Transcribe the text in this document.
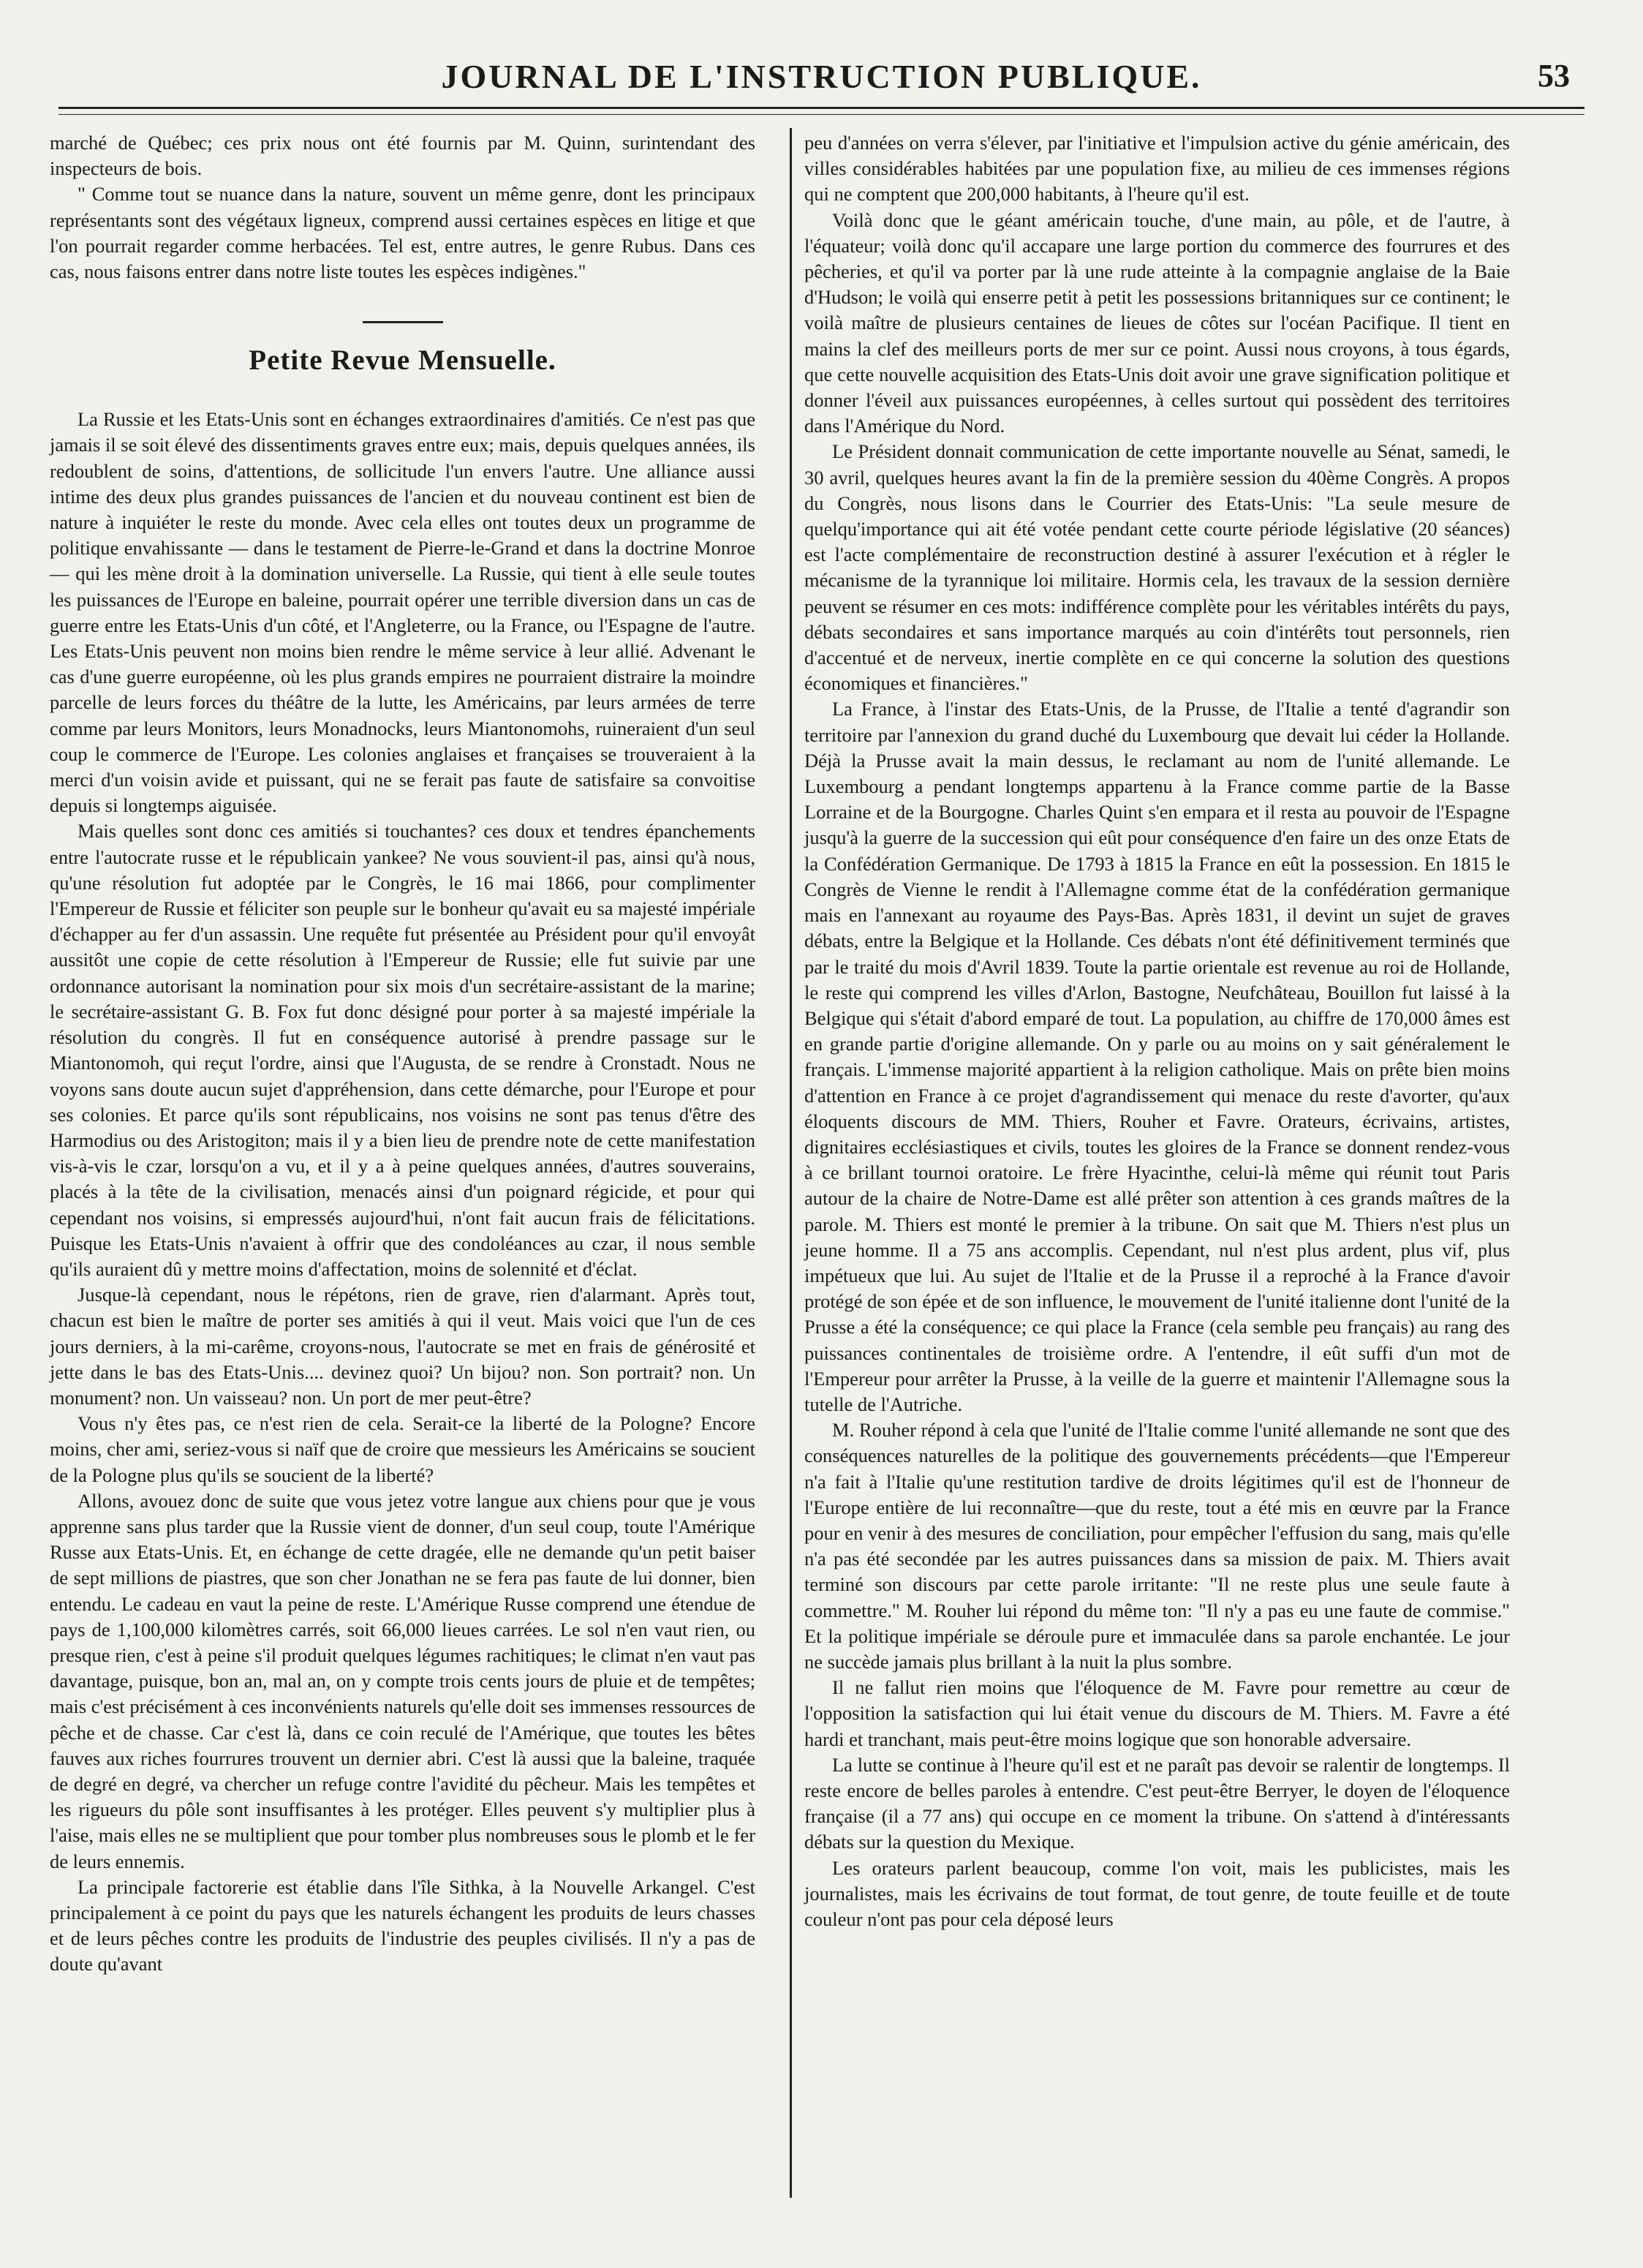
JOURNAL DE L'INSTRUCTION PUBLIQUE.	53

marché de Québec; ces prix nous ont été fournis par M. Quinn, surintendant des inspecteurs de bois.

" Comme tout se nuance dans la nature, souvent un même genre, dont les principaux représentants sont des végétaux ligneux, comprend aussi certaines espèces en litige et que l'on pourrait regarder comme herbacées. Tel est, entre autres, le genre Rubus. Dans ces cas, nous faisons entrer dans notre liste toutes les espèces indigènes."

Petite Revue Mensuelle.

La Russie et les Etats-Unis sont en échanges extraordinaires d'amitiés. Ce n'est pas que jamais il se soit élevé des dissentiments graves entre eux; mais, depuis quelques années, ils redoublent de soins, d'attentions, de sollicitude l'un envers l'autre. Une alliance aussi intime des deux plus grandes puissances de l'ancien et du nouveau continent est bien de nature à inquiéter le reste du monde. Avec cela elles ont toutes deux un programme de politique envahissante — dans le testament de Pierre-le-Grand et dans la doctrine Monroe — qui les mène droit à la domination universelle. La Russie, qui tient à elle seule toutes les puissances de l'Europe en baleine, pourrait opérer une terrible diversion dans un cas de guerre entre les Etats-Unis d'un côté, et l'Angleterre, ou la France, ou l'Espagne de l'autre. Les Etats-Unis peuvent non moins bien rendre le même service à leur allié. Advenant le cas d'une guerre européenne, où les plus grands empires ne pourraient distraire la moindre parcelle de leurs forces du théâtre de la lutte, les Américains, par leurs armées de terre comme par leurs Monitors, leurs Monadnocks, leurs Miantonomohs, ruineraient d'un seul coup le commerce de l'Europe. Les colonies anglaises et françaises se trouveraient à la merci d'un voisin avide et puissant, qui ne se ferait pas faute de satisfaire sa convoitise depuis si longtemps aiguisée.

Mais quelles sont donc ces amitiés si touchantes? ces doux et tendres épanchements entre l'autocrate russe et le républicain yankee? Ne vous souvient-il pas, ainsi qu'à nous, qu'une résolution fut adoptée par le Congrès, le 16 mai 1866, pour complimenter l'Empereur de Russie et féliciter son peuple sur le bonheur qu'avait eu sa majesté impériale d'échapper au fer d'un assassin. Une requête fut présentée au Président pour qu'il envoyât aussitôt une copie de cette résolution à l'Empereur de Russie; elle fut suivie par une ordonnance autorisant la nomination pour six mois d'un secrétaire-assistant de la marine; le secrétaire-assistant G. B. Fox fut donc désigné pour porter à sa majesté impériale la résolution du congrès. Il fut en conséquence autorisé à prendre passage sur le Miantonomoh, qui reçut l'ordre, ainsi que l'Augusta, de se rendre à Cronstadt. Nous ne voyons sans doute aucun sujet d'appréhension, dans cette démarche, pour l'Europe et pour ses colonies. Et parce qu'ils sont républicains, nos voisins ne sont pas tenus d'être des Harmodius ou des Aristogiton; mais il y a bien lieu de prendre note de cette manifestation vis-à-vis le czar, lorsqu'on a vu, et il y a à peine quelques années, d'autres souverains, placés à la tête de la civilisation, menacés ainsi d'un poignard régicide, et pour qui cependant nos voisins, si empressés aujourd'hui, n'ont fait aucun frais de félicitations. Puisque les Etats-Unis n'avaient à offrir que des condoléances au czar, il nous semble qu'ils auraient dû y mettre moins d'affectation, moins de solennité et d'éclat.

Jusque-là cependant, nous le répétons, rien de grave, rien d'alarmant. Après tout, chacun est bien le maître de porter ses amitiés à qui il veut. Mais voici que l'un de ces jours derniers, à la mi-carême, croyons-nous, l'autocrate se met en frais de générosité et jette dans le bas des Etats-Unis.... devinez quoi? Un bijou? non. Son portrait? non. Un monument? non. Un vaisseau? non. Un port de mer peut-être?

Vous n'y êtes pas, ce n'est rien de cela. Serait-ce la liberté de la Pologne? Encore moins, cher ami, seriez-vous si naïf que de croire que messieurs les Américains se soucient de la Pologne plus qu'ils se soucient de la liberté?

Allons, avouez donc de suite que vous jetez votre langue aux chiens pour que je vous apprenne sans plus tarder que la Russie vient de donner, d'un seul coup, toute l'Amérique Russe aux Etats-Unis. Et, en échange de cette dragée, elle ne demande qu'un petit baiser de sept millions de piastres, que son cher Jonathan ne se fera pas faute de lui donner, bien entendu. Le cadeau en vaut la peine de reste. L'Amérique Russe comprend une étendue de pays de 1,100,000 kilomètres carrés, soit 66,000 lieues carrées. Le sol n'en vaut rien, ou presque rien, c'est à peine s'il produit quelques légumes rachitiques; le climat n'en vaut pas davantage, puisque, bon an, mal an, on y compte trois cents jours de pluie et de tempêtes; mais c'est précisément à ces inconvénients naturels qu'elle doit ses immenses ressources de pêche et de chasse. Car c'est là, dans ce coin reculé de l'Amérique, que toutes les bêtes fauves aux riches fourrures trouvent un dernier abri. C'est là aussi que la baleine, traquée de degré en degré, va chercher un refuge contre l'avidité du pêcheur. Mais les tempêtes et les rigueurs du pôle sont insuffisantes à les protéger. Elles peuvent s'y multiplier plus à l'aise, mais elles ne se multiplient que pour tomber plus nombreuses sous le plomb et le fer de leurs ennemis.

La principale factorerie est établie dans l'île Sithka, à la Nouvelle Arkangel. C'est principalement à ce point du pays que les naturels échangent les produits de leurs chasses et de leurs pêches contre les produits de l'industrie des peuples civilisés. Il n'y a pas de doute qu'avant

peu d'années on verra s'élever, par l'initiative et l'impulsion active du génie américain, des villes considérables habitées par une population fixe, au milieu de ces immenses régions qui ne comptent que 200,000 habitants, à l'heure qu'il est.

Voilà donc que le géant américain touche, d'une main, au pôle, et de l'autre, à l'équateur; voilà donc qu'il accapare une large portion du commerce des fourrures et des pêcheries, et qu'il va porter par là une rude atteinte à la compagnie anglaise de la Baie d'Hudson; le voilà qui enserre petit à petit les possessions britanniques sur ce continent; le voilà maître de plusieurs centaines de lieues de côtes sur l'océan Pacifique. Il tient en mains la clef des meilleurs ports de mer sur ce point. Aussi nous croyons, à tous égards, que cette nouvelle acquisition des Etats-Unis doit avoir une grave signification politique et donner l'éveil aux puissances européennes, à celles surtout qui possèdent des territoires dans l'Amérique du Nord.

Le Président donnait communication de cette importante nouvelle au Sénat, samedi, le 30 avril, quelques heures avant la fin de la première session du 40ème Congrès. A propos du Congrès, nous lisons dans le Courrier des Etats-Unis: "La seule mesure de quelqu'importance qui ait été votée pendant cette courte période législative (20 séances) est l'acte complémentaire de reconstruction destiné à assurer l'exécution et à régler le mécanisme de la tyrannique loi militaire. Hormis cela, les travaux de la session dernière peuvent se résumer en ces mots: indifférence complète pour les véritables intérêts du pays, débats secondaires et sans importance marqués au coin d'intérêts tout personnels, rien d'accentué et de nerveux, inertie complète en ce qui concerne la solution des questions économiques et financières."

La France, à l'instar des Etats-Unis, de la Prusse, de l'Italie a tenté d'agrandir son territoire par l'annexion du grand duché du Luxembourg que devait lui céder la Hollande. Déjà la Prusse avait la main dessus, le reclamant au nom de l'unité allemande. Le Luxembourg a pendant longtemps appartenu à la France comme partie de la Basse Lorraine et de la Bourgogne. Charles Quint s'en empara et il resta au pouvoir de l'Espagne jusqu'à la guerre de la succession qui eût pour conséquence d'en faire un des onze Etats de la Confédération Germanique. De 1793 à 1815 la France en eût la possession. En 1815 le Congrès de Vienne le rendit à l'Allemagne comme état de la confédération germanique mais en l'annexant au royaume des Pays-Bas. Après 1831, il devint un sujet de graves débats, entre la Belgique et la Hollande. Ces débats n'ont été définitivement terminés que par le traité du mois d'Avril 1839. Toute la partie orientale est revenue au roi de Hollande, le reste qui comprend les villes d'Arlon, Bastogne, Neufchâteau, Bouillon fut laissé à la Belgique qui s'était d'abord emparé de tout. La population, au chiffre de 170,000 âmes est en grande partie d'origine allemande. On y parle ou au moins on y sait généralement le français. L'immense majorité appartient à la religion catholique. Mais on prête bien moins d'attention en France à ce projet d'agrandissement qui menace du reste d'avorter, qu'aux éloquents discours de MM. Thiers, Rouher et Favre. Orateurs, écrivains, artistes, dignitaires ecclésiastiques et civils, toutes les gloires de la France se donnent rendez-vous à ce brillant tournoi oratoire. Le frère Hyacinthe, celui-là même qui réunit tout Paris autour de la chaire de Notre-Dame est allé prêter son attention à ces grands maîtres de la parole. M. Thiers est monté le premier à la tribune. On sait que M. Thiers n'est plus un jeune homme. Il a 75 ans accomplis. Cependant, nul n'est plus ardent, plus vif, plus impétueux que lui. Au sujet de l'Italie et de la Prusse il a reproché à la France d'avoir protégé de son épée et de son influence, le mouvement de l'unité italienne dont l'unité de la Prusse a été la conséquence; ce qui place la France (cela semble peu français) au rang des puissances continentales de troisième ordre. A l'entendre, il eût suffi d'un mot de l'Empereur pour arrêter la Prusse, à la veille de la guerre et maintenir l'Allemagne sous la tutelle de l'Autriche.

M. Rouher répond à cela que l'unité de l'Italie comme l'unité allemande ne sont que des conséquences naturelles de la politique des gouvernements précédents—que l'Empereur n'a fait à l'Italie qu'une restitution tardive de droits légitimes qu'il est de l'honneur de l'Europe entière de lui reconnaître—que du reste, tout a été mis en œuvre par la France pour en venir à des mesures de conciliation, pour empêcher l'effusion du sang, mais qu'elle n'a pas été secondée par les autres puissances dans sa mission de paix. M. Thiers avait terminé son discours par cette parole irritante: "Il ne reste plus une seule faute à commettre." M. Rouher lui répond du même ton: "Il n'y a pas eu une faute de commise." Et la politique impériale se déroule pure et immaculée dans sa parole enchantée. Le jour ne succède jamais plus brillant à la nuit la plus sombre.

Il ne fallut rien moins que l'éloquence de M. Favre pour remettre au cœur de l'opposition la satisfaction qui lui était venue du discours de M. Thiers. M. Favre a été hardi et tranchant, mais peut-être moins logique que son honorable adversaire.

La lutte se continue à l'heure qu'il est et ne paraît pas devoir se ralentir de longtemps. Il reste encore de belles paroles à entendre. C'est peut-être Berryer, le doyen de l'éloquence française (il a 77 ans) qui occupe en ce moment la tribune. On s'attend à d'intéressants débats sur la question du Mexique.

Les orateurs parlent beaucoup, comme l'on voit, mais les publicistes, mais les journalistes, mais les écrivains de tout format, de tout genre, de toute feuille et de toute couleur n'ont pas pour cela déposé leurs
